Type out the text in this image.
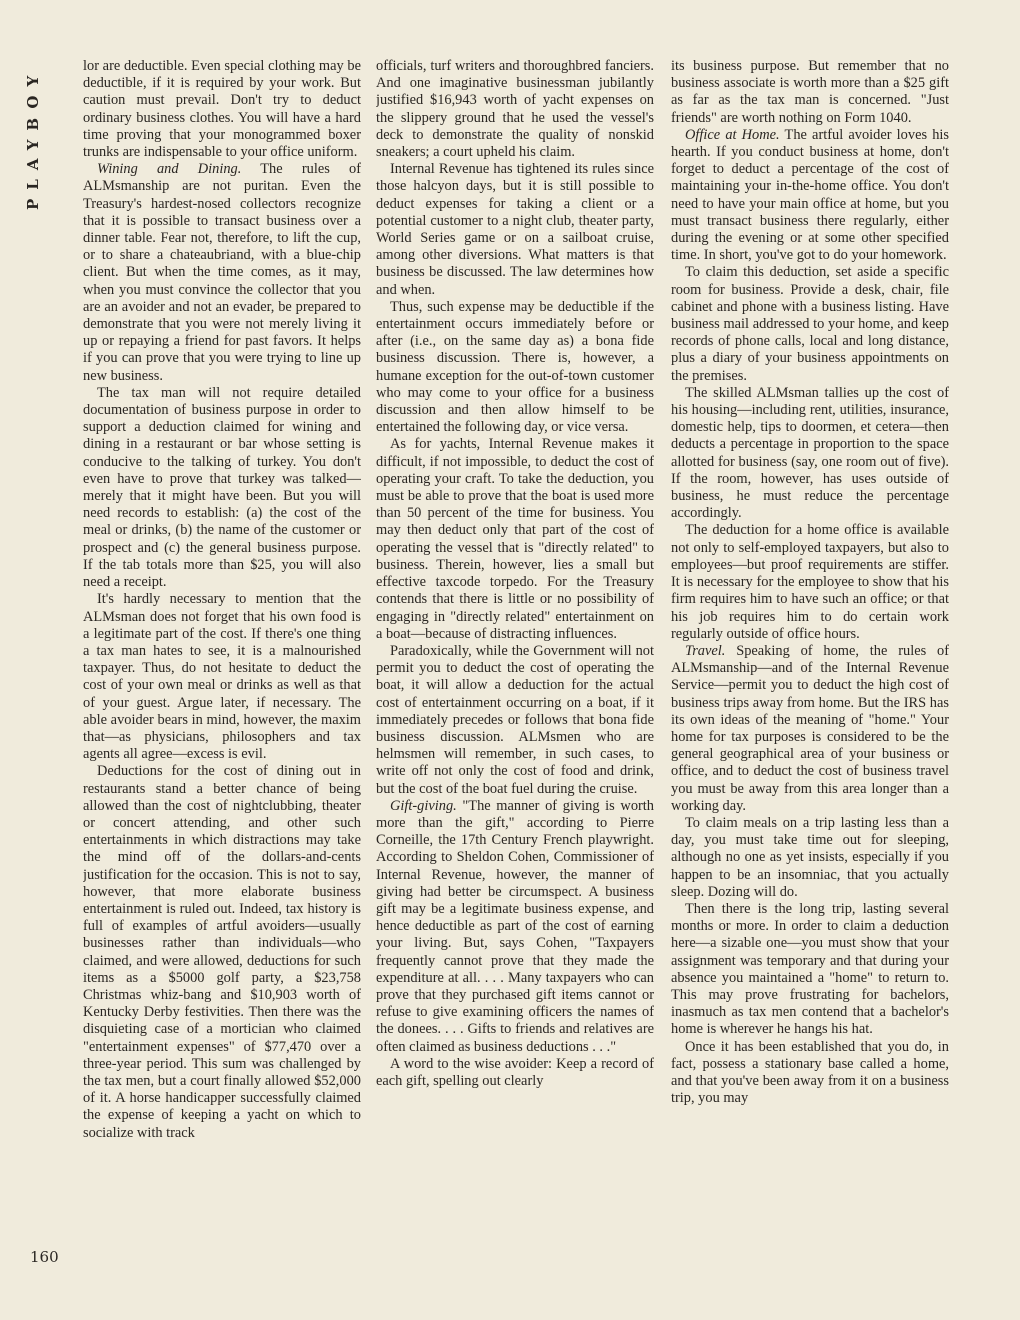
PLAYBOY
160

lor are deductible. Even special clothing may be deductible, if it is required by your work. But caution must prevail. Don't try to deduct ordinary business clothes. You will have a hard time proving that your monogrammed boxer trunks are indispensable to your office uniform.

Wining and Dining. The rules of ALMsmanship are not puritan. Even the Treasury's hardest-nosed collectors recognize that it is possible to transact business over a dinner table. Fear not, therefore, to lift the cup, or to share a chateaubriand, with a blue-chip client. But when the time comes, as it may, when you must convince the collector that you are an avoider and not an evader, be prepared to demonstrate that you were not merely living it up or repaying a friend for past favors. It helps if you can prove that you were trying to line up new business.

The tax man will not require detailed documentation of business purpose in order to support a deduction claimed for wining and dining in a restaurant or bar whose setting is conducive to the talking of turkey. You don't even have to prove that turkey was talked—merely that it might have been. But you will need records to establish: (a) the cost of the meal or drinks, (b) the name of the customer or prospect and (c) the general business purpose. If the tab totals more than $25, you will also need a receipt.

It's hardly necessary to mention that the ALMsman does not forget that his own food is a legitimate part of the cost. If there's one thing a tax man hates to see, it is a malnourished taxpayer. Thus, do not hesitate to deduct the cost of your own meal or drinks as well as that of your guest. Argue later, if necessary. The able avoider bears in mind, however, the maxim that—as physicians, philosophers and tax agents all agree—excess is evil.

Deductions for the cost of dining out in restaurants stand a better chance of being allowed than the cost of nightclubbing, theater or concert attending, and other such entertainments in which distractions may take the mind off of the dollars-and-cents justification for the occasion. This is not to say, however, that more elaborate business entertainment is ruled out. Indeed, tax history is full of examples of artful avoiders—usually businesses rather than individuals—who claimed, and were allowed, deductions for such items as a $5000 golf party, a $23,758 Christmas whiz-bang and $10,903 worth of Kentucky Derby festivities. Then there was the disquieting case of a mortician who claimed "entertainment expenses" of $77,470 over a three-year period. This sum was challenged by the tax men, but a court finally allowed $52,000 of it. A horse handicapper successfully claimed the expense of keeping a yacht on which to socialize with track

officials, turf writers and thoroughbred fanciers. And one imaginative businessman jubilantly justified $16,943 worth of yacht expenses on the slippery ground that he used the vessel's deck to demonstrate the quality of nonskid sneakers; a court upheld his claim.

Internal Revenue has tightened its rules since those halcyon days, but it is still possible to deduct expenses for taking a client or a potential customer to a night club, theater party, World Series game or on a sailboat cruise, among other diversions. What matters is that business be discussed. The law determines how and when.

Thus, such expense may be deductible if the entertainment occurs immediately before or after (i.e., on the same day as) a bona fide business discussion. There is, however, a humane exception for the out-of-town customer who may come to your office for a business discussion and then allow himself to be entertained the following day, or vice versa.

As for yachts, Internal Revenue makes it difficult, if not impossible, to deduct the cost of operating your craft. To take the deduction, you must be able to prove that the boat is used more than 50 percent of the time for business. You may then deduct only that part of the cost of operating the vessel that is "directly related" to business. Therein, however, lies a small but effective taxcode torpedo. For the Treasury contends that there is little or no possibility of engaging in "directly related" entertainment on a boat—because of distracting influences.

Paradoxically, while the Government will not permit you to deduct the cost of operating the boat, it will allow a deduction for the actual cost of entertainment occurring on a boat, if it immediately precedes or follows that bona fide business discussion. ALMsmen who are helmsmen will remember, in such cases, to write off not only the cost of food and drink, but the cost of the boat fuel during the cruise.

Gift-giving. "The manner of giving is worth more than the gift," according to Pierre Corneille, the 17th Century French playwright. According to Sheldon Cohen, Commissioner of Internal Revenue, however, the manner of giving had better be circumspect. A business gift may be a legitimate business expense, and hence deductible as part of the cost of earning your living. But, says Cohen, "Taxpayers frequently cannot prove that they made the expenditure at all. . . . Many taxpayers who can prove that they purchased gift items cannot or refuse to give examining officers the names of the donees. . . . Gifts to friends and relatives are often claimed as business deductions . . ."

A word to the wise avoider: Keep a record of each gift, spelling out clearly

its business purpose. But remember that no business associate is worth more than a $25 gift as far as the tax man is concerned. "Just friends" are worth nothing on Form 1040.

Office at Home. The artful avoider loves his hearth. If you conduct business at home, don't forget to deduct a percentage of the cost of maintaining your in-the-home office. You don't need to have your main office at home, but you must transact business there regularly, either during the evening or at some other specified time. In short, you've got to do your homework.

To claim this deduction, set aside a specific room for business. Provide a desk, chair, file cabinet and phone with a business listing. Have business mail addressed to your home, and keep records of phone calls, local and long distance, plus a diary of your business appointments on the premises.

The skilled ALMsman tallies up the cost of his housing—including rent, utilities, insurance, domestic help, tips to doormen, et cetera—then deducts a percentage in proportion to the space allotted for business (say, one room out of five). If the room, however, has uses outside of business, he must reduce the percentage accordingly.

The deduction for a home office is available not only to self-employed taxpayers, but also to employees—but proof requirements are stiffer. It is necessary for the employee to show that his firm requires him to have such an office; or that his job requires him to do certain work regularly outside of office hours.

Travel. Speaking of home, the rules of ALMsmanship—and of the Internal Revenue Service—permit you to deduct the high cost of business trips away from home. But the IRS has its own ideas of the meaning of "home." Your home for tax purposes is considered to be the general geographical area of your business or office, and to deduct the cost of business travel you must be away from this area longer than a working day.

To claim meals on a trip lasting less than a day, you must take time out for sleeping, although no one as yet insists, especially if you happen to be an insomniac, that you actually sleep. Dozing will do.

Then there is the long trip, lasting several months or more. In order to claim a deduction here—a sizable one—you must show that your assignment was temporary and that during your absence you maintained a "home" to return to. This may prove frustrating for bachelors, inasmuch as tax men contend that a bachelor's home is wherever he hangs his hat.

Once it has been established that you do, in fact, possess a stationary base called a home, and that you've been away from it on a business trip, you may
